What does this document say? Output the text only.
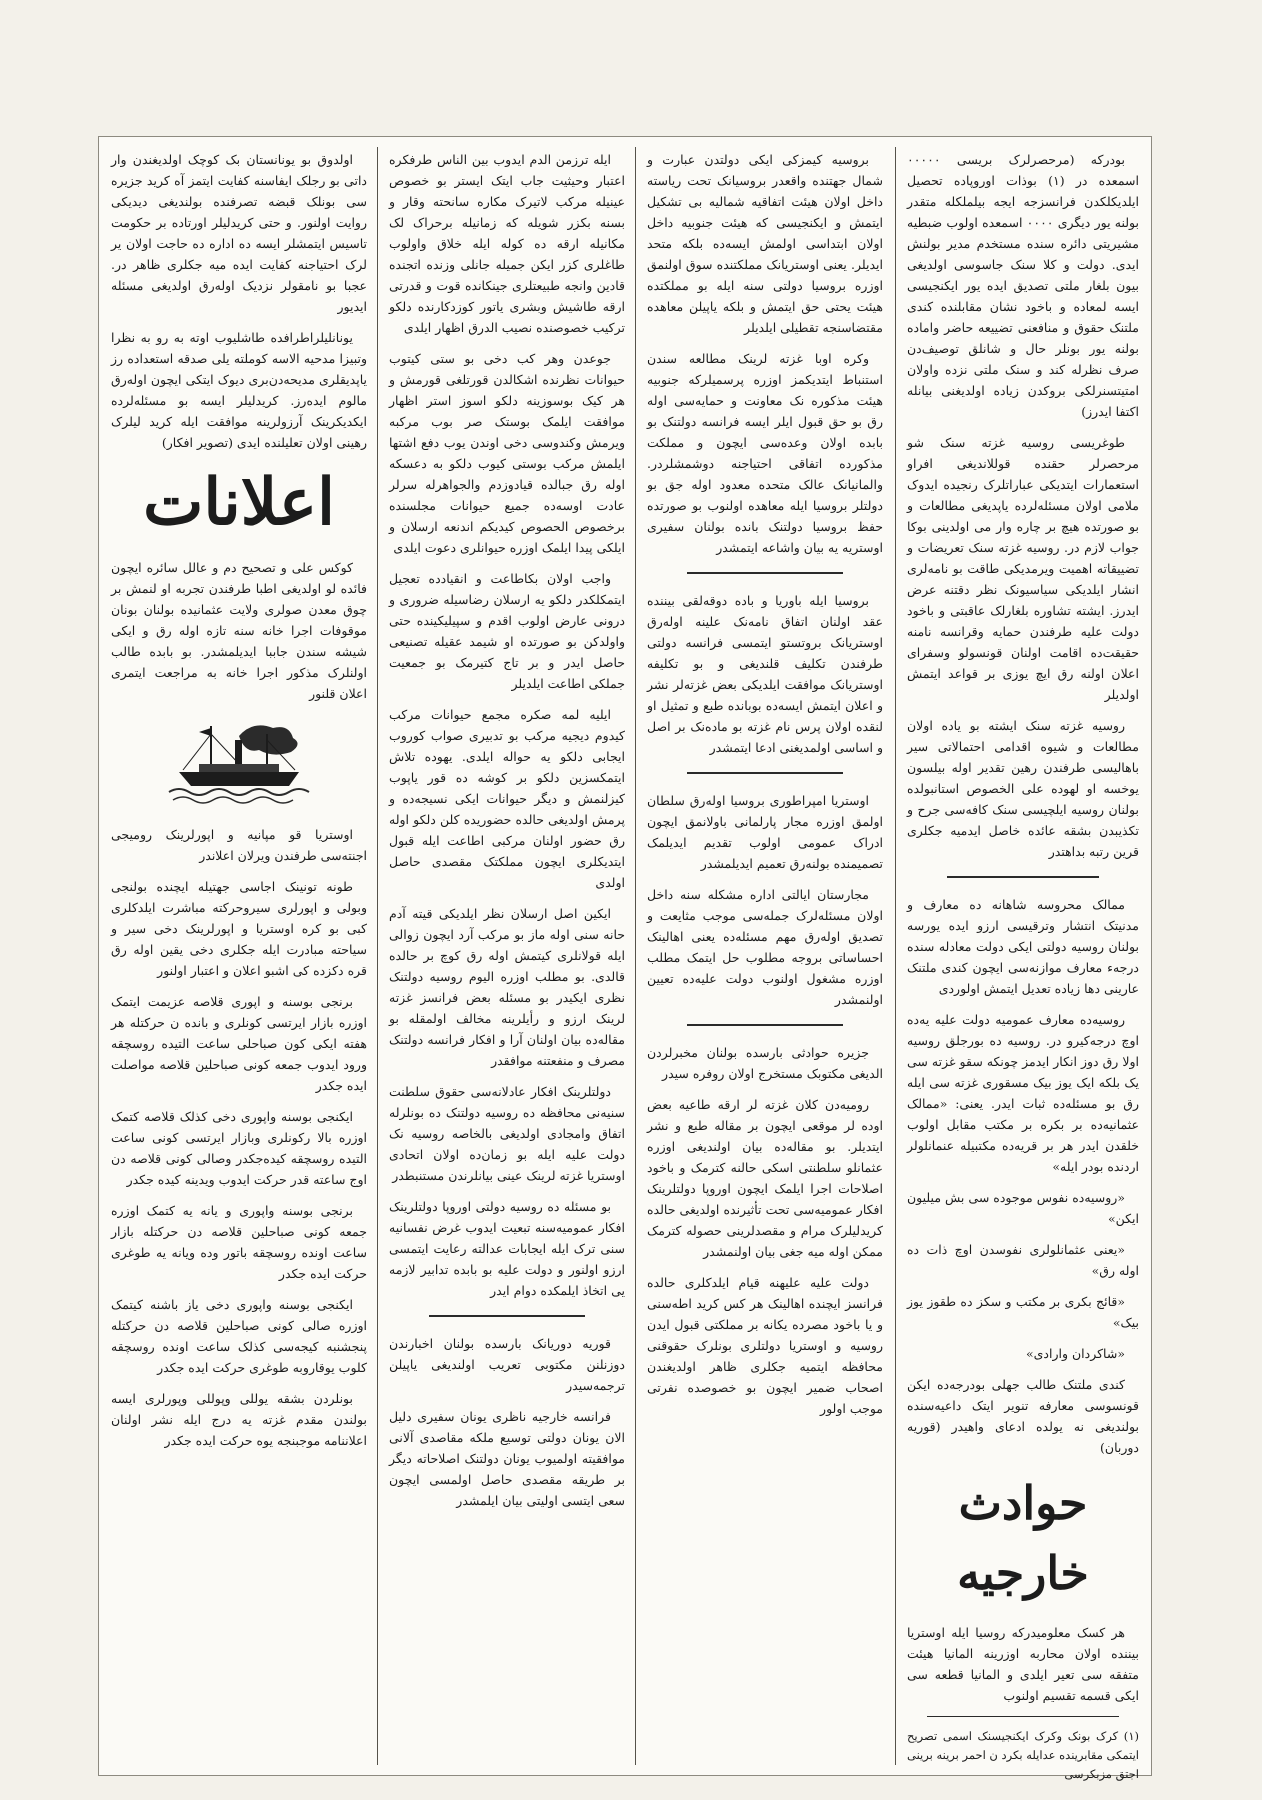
بودرکه (مرحصرلرک بریسی ۰۰۰۰۰ اسمعده در (۱) بوذات اوروپاده تحصیل ایلدیکلکدن فرانسزجه ایجه بیلملکله متقدر بولنه یور دیگری ۰۰۰۰ اسمعده اولوب ضبطیه مشیریتی دائره سنده مستخدم مدیر بولنش ایدی. دولت و کلا سنک جاسوسی اولدیغی بیون بلغار ملتی تصدیق ایده یور ایکنجیسی ایسه لمعاده و باخود نشان مقابلنده کندی ملتنک حقوق و منافعنی تضییعه حاضر واماده بولنه یور بونلر حال و شانلق توصیف‌دن صرف نظرله کند و سنک ملتی نزده واولان امتیتسنرلکی بروکدن زیاده اولدیغنی بیانله اکتفا ایدرز)

طوغریسی روسیه غزته سنک شو مرحصرلر حقنده قوللاندیغی افراو استعمارات ایتدیکی عباراتلرک رنجیده ایدوک ملامی اولان مسئله‌لرده یاپدیغی مطالعات و بو صورتده هیچ بر چاره وار می اولدینی بوکا جواب لازم در. روسیه غزته سنک تعریضات و تضییقاته اهمیت ویرمدیکی طاقت بو نامه‌لری انشار ایلدیکی سیاسیونک نظر دقتنه عرض ایدرز. ایشته تشاوره بلغارلک عاقبتی و باخود دولت علیه طرفندن حمایه وقرانسه نامنه حقیقت‌ده اقامت اولنان قونسولو وسفرای اعلان اولنه رق ایچ یوزی بر قواعد ایتمش اولدیلر

روسیه غزته سنک ایشته بو یاده اولان مطالعات و شیوه اقدامی احتمالاتی سیر باهالیسی طرفندن رهین تقدیر اوله بیلسون یوخسه او لهوده علی الخصوص استانبولده بولنان روسیه ایلچیسی سنک کافه‌سی جرح و تکذیبدن بشقه عائده خاصل ایدمیه جکلری قرین رتبه بداهتدر

ممالک محروسه شاهانه ده معارف و مدنیتک انتشار وترقیسی ارزو ایده یورسه بولنان روسیه دولتی ایکی دولت معادله سنده درجه‌ء معارف موازنه‌سی ایچون کندی ملتنک عارینی دها زیاده تعدیل ایتمش اولوردی

روسیه‌ده معارف عمومیه دولت علیه یه‌ده اوچ درجه‌کیرو در. روسیه ده بورجلق روسیه اولا رق دوز انکار ایدمز چونکه سقو غزته سی یک بلکه ایک یوز بیک مسقوری غزته سی ایله رق بو مسئله‌ده ثبات ایدر. یعنی: «ممالک عثمانیه‌ده بر بکره بر مکتب مقابل اولوب خلقدن ایدر هر بر قریه‌ده مکتبیله عنمانلولر اردنده بودر ایله»

«روسیه‌ده نفوس موجوده سی بش میلیون ایکن»

«یعنی عثمانلولری نفوسدن اوچ ذات ده اوله رق»

«قائج بکری بر مکتب و سکز ده طقوز یوز بیک»

«شاکردان وارادی»

کندی ملتنک طالب جهلی بودرجه‌ده ایکن قونسوسی معارفه تنویر ایتک داعیه‌سنده بولندیغی نه یولده ادعای واهیدر (قوریه دوربان)

حوادث خارجیه

هر کسک معلومیدرکه روسیا ایله اوستریا بیننده اولان محاربه اوزرینه المانیا هیئت متفقه سی تعیر ایلدی و المانیا قطعه سی ایکی قسمه تقسیم اولنوب

(۱) کرک بونک وکرک ایکنجیسنک اسمی تصریح ایتمکی مقابرینده عدایله بکرد ن احمر برینه برینی اجتق مزبکرسی

بروسیه کیمزکی ایکی دولتدن عبارت و شمال جهتنده واقعدر بروسیانک تحت ریاسته داخل اولان هیئت اتفاقیه شمالیه بی تشکیل ایتمش و ایکنجیسی که هیئت جنوبیه داخل اولان ابتداسی اولمش ایسه‌ده بلکه متحد ایدیلر. یعنی اوستریانک مملکتنده سوق اولنمق اوزره بروسیا دولتی سنه ایله بو مملکتده هیئت یحتی حق ایتمش و بلکه یاپیلن معاهده مقتضاسنجه تقطیلی ایلدیلر

وکره اوبا غزته لرینک مطالعه سندن استنباط ایتدیکمز اوزره پرسمیلرکه جنوبیه هیئت مذکوره نک معاونت و حمایه‌سی اوله رق بو حق قبول ایلر ایسه فرانسه دولتنک بو بابده اولان وعده‌سی ایچون و مملکت مذکورده اتفاقی احتیاجنه دوشمشلردر. والمانیانک عالک متحده معدود اوله جق بو دولتلر بروسیا ایله معاهده اولنوب بو صورتده حفظ بروسیا دولتنک بانده بولنان سفیری اوستریه یه بیان واشاعه ایتمشدر

بروسیا ایله باوریا و باده دوقه‌لقی بیننده عقد اولنان اتفاق نامه‌نک علینه اوله‌رق اوستریانک بروتستو ایتمسی فرانسه دولتی طرفندن تکلیف قلندیغی و بو تکلیفه اوستریانک موافقت ایلدیکی بعض غزته‌لر نشر و اعلان ایتمش ایسه‌ده بوبانده طبع و تمثیل او لنقده اولان پرس نام غزته بو ماده‌نک بر اصل و اساسی اولمدیغنی ادعا ایتمشدر

اوستریا امپراطوری بروسیا اوله‌رق سلطان اولمق اوزره مجار پارلمانی باولانمق ایچون ادراک عمومی اولوب تقدیم ایدیلمک تصمیمنده بولنه‌رق تعمیم ایدیلمشدر

مجارستان ایالتی اداره مشکله سنه داخل اولان مسئله‌لرک جمله‌سی موجب مثایعت و تصدیق اوله‌رق مهم مسئله‌ده یعنی اهالینک احساساتی بروجه مطلوب حل ایتمک مطلب اوزره مشغول اولنوب دولت علیه‌ده تعیین اولنمشدر

جزیره حوادثی بارسده بولنان مخبرلردن الدیغی مکتوبک مستخرج اولان روفره سیدر

رومیه‌دن کلان غزته لر ارقه طاعیه بعض اوده لر موقعی ایچون بر مقاله طبع و نشر ایتدیلر. بو مقاله‌ده بیان اولندیغی اوزره عثمانلو سلطنتی اسکی حالنه کترمک و باخود اصلاحات اجرا ایلمک ایچون اوروپا دولتلرینک افکار عمومیه‌سی تحت تأثیرنده اولدیغی حالده کریدلیلرک مرام و مقصدلرینی حصوله کترمک ممکن اوله میه جغی بیان اولنمشدر

دولت علیه علیهنه قیام ایلدکلری حالده فرانسز ایچنده اهالینک هر کس کرید اطه‌سنی و یا باخود مصرده یکانه بر مملکتی قبول ایدن روسیه و اوستریا دولتلری بونلرک حقوقنی محافظه ایتمیه جکلری ظاهر اولدیغندن اصحاب ضمیر ایچون بو خصوصده نفرتی موجب اولور

ایله ترزمن الدم ایدوب بین الناس طرفکره اعتبار وحیثیت جاب ایتک ایستر بو خصوص عینیله مرکب لاتیرک مکاره سانحته وقار و بسنه بکزر شویله که زمانیله برحراک لک مکانیله ارقه ده کوله ایله خلاق واولوب طاغلری کزر ایکن جمیله جانلی وزنده اتجنده قادین وانجه طبیعتلری جینکانده قوت و قدرتی ارقه طاشیش وبشری یاتور کوزدکارنده دلکو ترکیب خصوصنده نصیب الدرق اظهار ایلدی

جوعدن وهر کب دخی بو ستی کیتوب حیوانات نظرنده اشکالدن قورتلغی قورمش و هر کیک بوسوزینه دلکو اسوز استر اظهار موافقت ایلمک بوستک صر بوب مرکبه ویرمش وکندوسی دخی اوندن یوب دفع اشتها ایلمش مرکب بوستی کیوب دلکو به دعسکه اوله رق جبالده قیادوزدم والجواهرله سرلر عادت اوسه‌ده جمیع حیوانات مجلسنده برخصوص الحصوص کیدیکم اندنعه ارسلان و ایلکی پیدا ایلمک اوزره حیوانلری دعوت ایلدی

واجب اولان بکاطاعت و انقیادده تعجیل ایتمکلکدر دلکو یه ارسلان رضاسیله ضروری و درونی عارض اولوب اقدم و سپیلیکینده حتی واولدکن بو صورتده او شیمد عقیله تصنیعی حاصل ایدر و بر تاج کتیرمک بو جمعیت جملکی اطاعت ایلدیلر

ایلیه لمه صکره مجمع حیوانات مرکب کیدوم دیجیه مرکب بو تدبیری صواب کوروب ایجابی دلکو یه حواله ایلدی. یهوده تلاش ایتمکسزین دلکو بر کوشه ده قور یاپوب کیزلنمش و دیگر حیوانات ایکی نسیجه‌ده و پرمش اولدیغی حالده حضوریده کلن دلکو اوله رق حضور اولنان مرکبی اطاعت ایله قبول ایتدیکلری ایچون مملکتک مقصدی حاصل اولدی

ایکین اصل ارسلان نظر ایلدیکی قیته آدم حانه سنی اوله ماز بو مرکب آرد ایچون زوالی ایله قولانلری کیتمش اوله رق کوچ بر حالده قالدی. بو مطلب اوزره الیوم روسیه دولتنک نظری ایکیدر بو مسئله بعض فرانسز غزته لرینک ارزو و رأیلرینه مخالف اولمقله بو مقاله‌ده بیان اولنان آرا و افکار فرانسه دولتنک مصرف و منفعتنه موافقدر

دولتلرینک افکار عادلانه‌سی حقوق سلطنت سنیه‌نی محافظه ده روسیه دولتنک ده بونلرله اتفاق وامجادی اولدیغی بالخاصه روسیه نک دولت علیه ایله بو زمان‌ده اولان اتحادی اوستریا غزته لرینک عینی بیانلرندن مستنبطدر

بو مسئله ده روسیه دولتی اوروپا دولتلرینک افکار عمومیه‌سنه تبعیت ایدوب غرض نفسانیه سنی ترک ایله ایجابات عدالته رعایت ایتمسی ارزو اولنور و دولت علیه بو بابده تدابیر لازمه یی اتخاذ ایلمکده دوام ایدر

قوریه دوریانک بارسده بولنان اخبارندن دوزنلنن مکتوبی تعریب اولندیغی یاپیلن ترجمه‌سیدر

فرانسه خارجیه ناظری یونان سفیری دلیل الان یونان دولتی توسیع ملکه مقاصدی آلانی موافقیته اولمیوب یونان دولتنک اصلاحاته دیگر بر طریقه مقصدی حاصل اولمسی ایچون سعی ایتسی اولیتی بیان ایلمشدر

اولدوق بو یونانستان بک کوچک اولدیغندن وار داتی بو رجلک ایفاسنه کفایت ایتمز آه کرید جزیره سی بونلک قبضه تصرفنده بولندیغی دیدیکی روایت اولنور. و حتی کریدلیلر اورتاده بر حکومت تاسیس ایتمشلر ایسه ده اداره ده حاجت اولان یر لرک احتیاجنه کفایت ایده میه جکلری ظاهر در. عجبا بو نامقولر نزدیک اوله‌رق اولدیغی مسئله ایدیور

یونانلیلراطرافده طاشلیوب اوته به رو به نظرا وتبیزا مدحیه الاسه کوملته یلی صدقه استعداده رز یاپدیقلری مدیحه‌دن‌بری دیوک ایتکی ایچون اوله‌رق مالوم ایده‌رز. کریدلیلر ایسه بو مسئله‌لرده ایکدیکرینک آرزولرینه موافقت ایله کرید لیلرک رهینی اولان تعلیلنده ایدی (تصویر افکار)

اعلانات

کوکس علی و تصحیح دم و عالل سائره ایچون فائده لو اولدیغی اطبا طرفندن تجربه او لنمش بر چوق معدن صولری ولایت عثمانیده بولنان بونان موقوفات اجرا خانه سنه تازه اوله رق و ایکی شیشه سندن جاببا ایدیلمشدر. بو بابده طالب اولنلرک مذکور اجرا خانه به مراجعت ایتمری اعلان قلنور

اوستریا قو مپانیه و اپورلرینک رومیجی اجنته‌سی طرفندن ویرلان اعلاندر

طونه تونینک اجاسی جهتیله ایچنده بولنجی وبولی و اپورلری سیروحرکته مباشرت ایلدکلری کبی بو کره اوستریا و اپورلرینک دخی سیر و سیاحته مبادرت ایله جکلری دخی یقین اوله رق قره دکزده کی اشبو اعلان و اعتبار اولنور

برنجی بوسنه و اپوری قلاصه عزیمت ایتمک اوزره بازار ایرتسی کونلری و بانده ن حرکتله هر هفته ایکی کون صباحلی ساعت التیده روسچقه ورود ایدوب جمعه کونی صباحلین قلاصه مواصلت ایده جکدر

ایکنجی بوسنه واپوری دخی کذلک قلاصه کتمک اوزره بالا رکونلری وبازار ایرتسی کونی ساعت التیده روسچقه کیده‌جکدر وصالی کونی قلاصه دن اوج ساعته قدر حرکت ایدوب ویدینه کیده جکدر

برنجی بوسنه واپوری و یانه یه کتمک اوزره جمعه کونی صباحلین قلاصه دن حرکتله بازار ساعت اونده روسچقه باتور وده ویانه یه طوغری حرکت ایده جکدر

ایکنجی بوسنه واپوری دخی یاز باشنه کیتمک اوزره صالی کونی صباحلین قلاصه دن حرکتله پنجشنبه کیجه‌سی کذلک ساعت اونده روسچقه کلوب یوقاروبه طوغری حرکت ایده جکدر

بونلردن بشقه یوللی وپوللی وپورلری ایسه بولندن مقدم غزته یه درج ایله نشر اولنان اعلاننامه موجبنجه یوه حرکت ایده جکدر
